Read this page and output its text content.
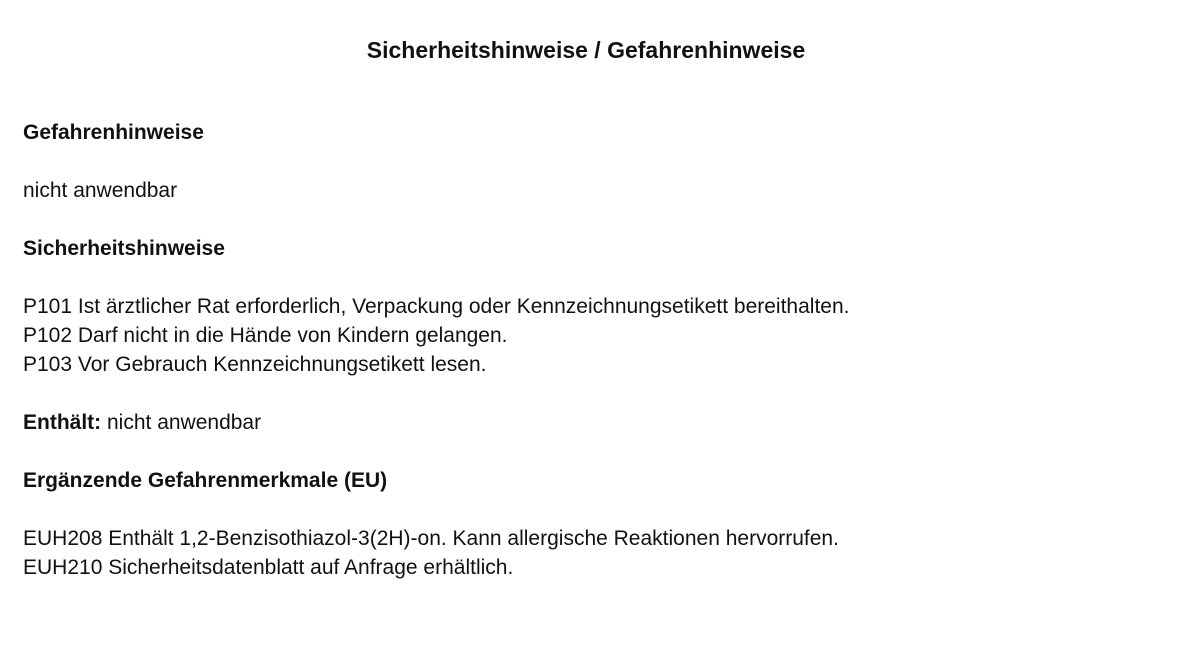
Sicherheitshinweise / Gefahrenhinweise
Gefahrenhinweise
nicht anwendbar
Sicherheitshinweise
P101 Ist ärztlicher Rat erforderlich, Verpackung oder Kennzeichnungsetikett bereithalten.
P102 Darf nicht in die Hände von Kindern gelangen.
P103 Vor Gebrauch Kennzeichnungsetikett lesen.
Enthält: nicht anwendbar
Ergänzende Gefahrenmerkmale (EU)
EUH208 Enthält 1,2-Benzisothiazol-3(2H)-on. Kann allergische Reaktionen hervorrufen.
EUH210 Sicherheitsdatenblatt auf Anfrage erhältlich.
